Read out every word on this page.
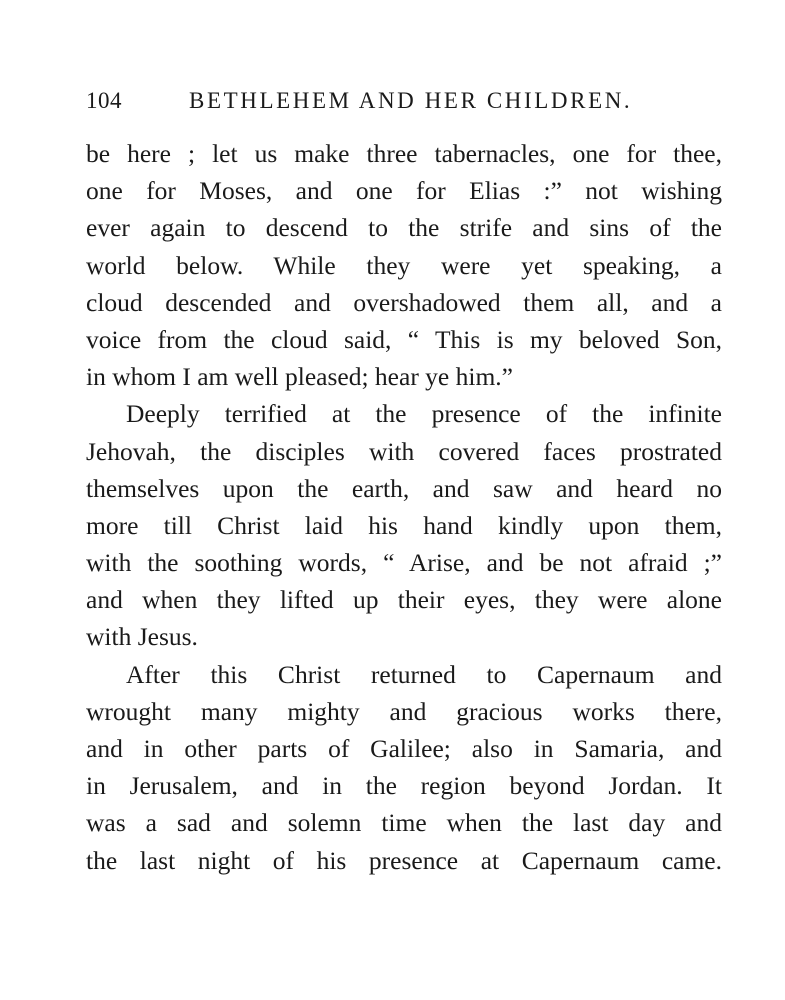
104	BETHLEHEM AND HER CHILDREN.
be here ; let us make three tabernacles, one for thee,
one for Moses, and one for Elias :” not wishing
ever again to descend to the strife and sins of the
world below. While they were yet speaking, a
cloud descended and overshadowed them all, and a
voice from the cloud said, “ This is my beloved Son,
in whom I am well pleased; hear ye him.”
Deeply terrified at the presence of the infinite
Jehovah, the disciples with covered faces prostrated
themselves upon the earth, and saw and heard no
more till Christ laid his hand kindly upon them,
with the soothing words, “ Arise, and be not afraid ;”
and when they lifted up their eyes, they were alone
with Jesus.
After this Christ returned to Capernaum and
wrought many mighty and gracious works there,
and in other parts of Galilee; also in Samaria, and
in Jerusalem, and in the region beyond Jordan. It
was a sad and solemn time when the last day and
the last night of his presence at Capernaum came.
